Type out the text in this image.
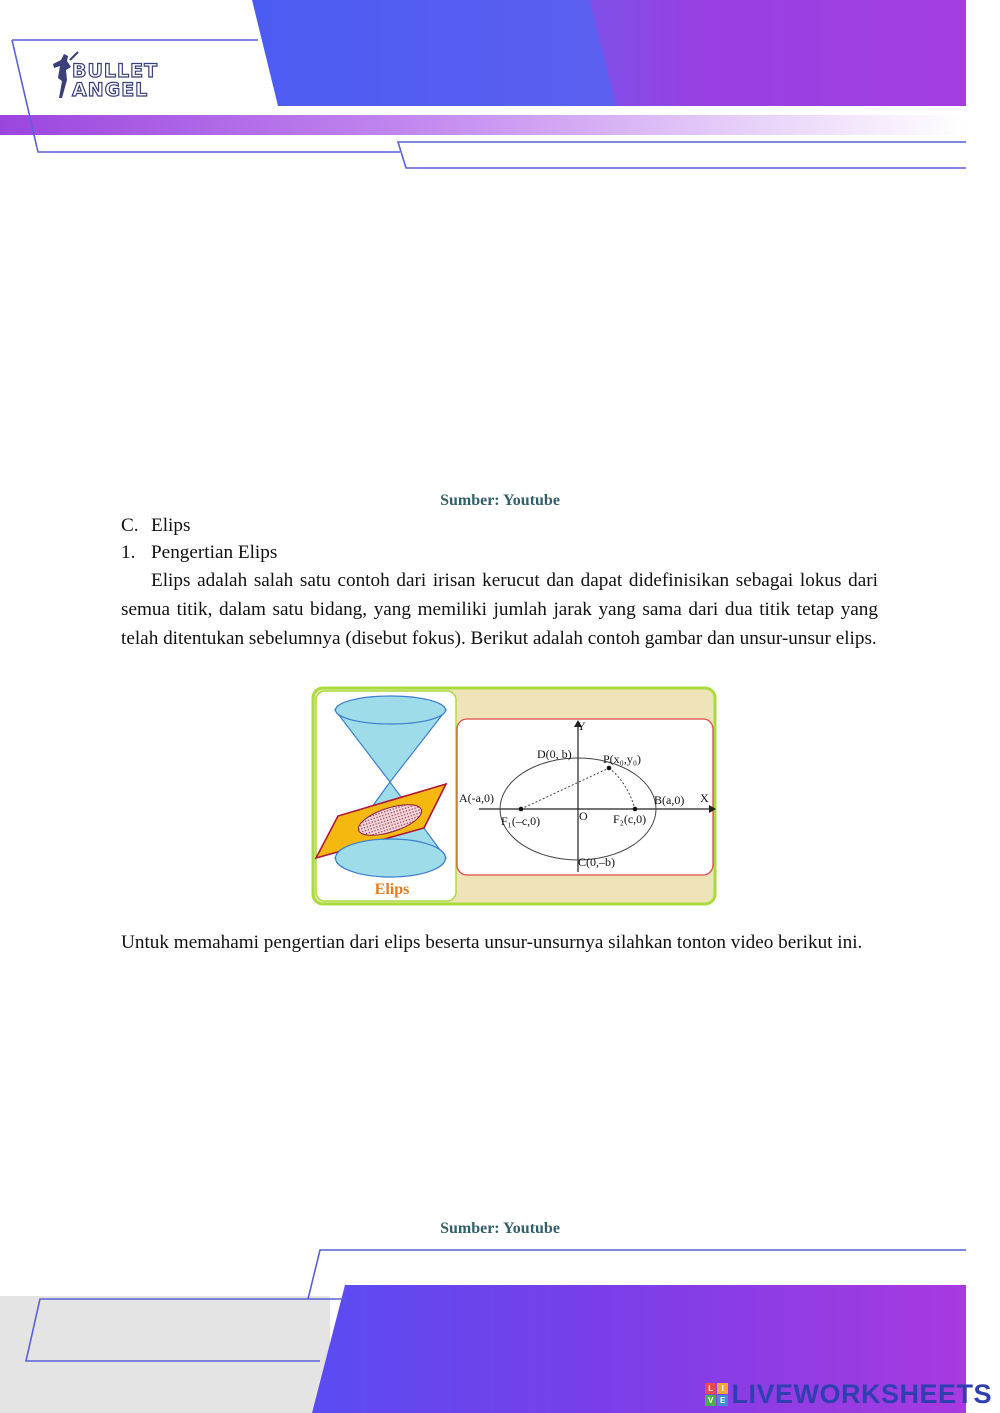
BULLET
ANGEL
Sumber: Youtube
C. Elips
1. Pengertian Elips
Elips adalah salah satu contoh dari irisan kerucut dan dapat didefinisikan sebagai lokus dari semua titik, dalam satu bidang, yang memiliki jumlah jarak yang sama dari dua titik tetap yang telah ditentukan sebelumnya (disebut fokus). Berikut adalah contoh gambar dan unsur-unsur elips.
Elips
Y
X
O
D(0, b)	P(x₀,y₀)
A(-a,0)	B(a,0)
F₁(–c,0)	F₂(c,0)
C(0,–b)
Untuk memahami pengertian dari elips beserta unsur-unsurnya silahkan tonton video berikut ini.
Sumber: Youtube
L I
V E LIVEWORKSHEETS
